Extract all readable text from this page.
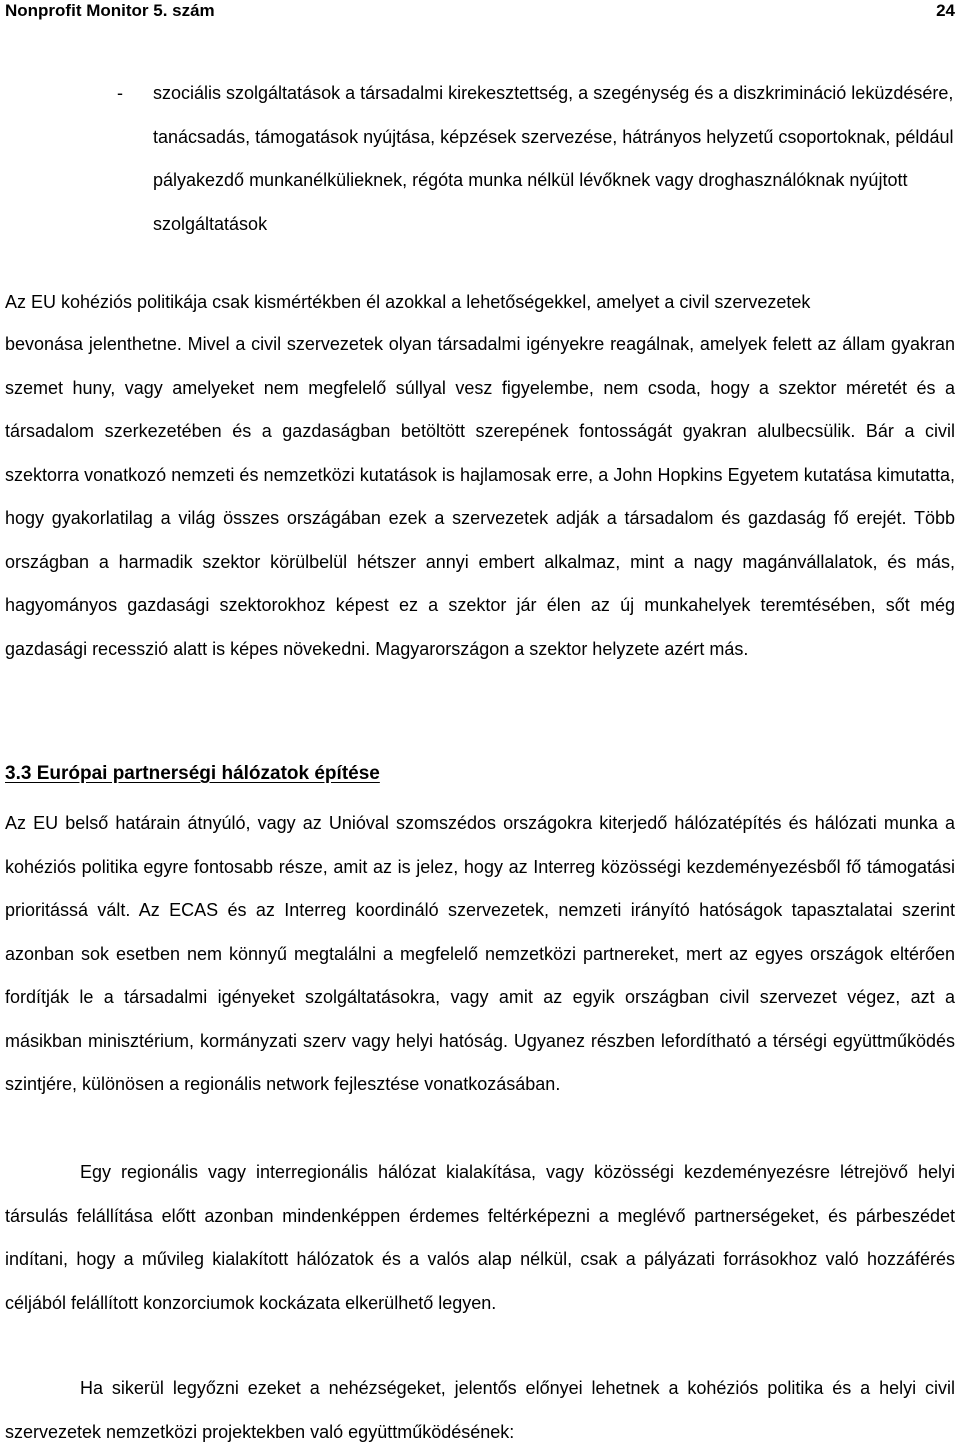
Nonprofit Monitor 5. szám	24
- szociális szolgáltatások a társadalmi kirekesztettség, a szegénység és a diszkrimináció leküzdésére, tanácsadás, támogatások nyújtása, képzések szervezése, hátrányos helyzetű csoportoknak, például pályakezdő munkanélkülieknek, régóta munka nélkül lévőknek vagy droghasználóknak nyújtott szolgáltatások

Az EU kohéziós politikája csak kismértékben él azokkal a lehetőségekkel, amelyet a civil szervezetek

bevonása jelenthetne. Mivel a civil szervezetek olyan társadalmi igényekre reagálnak, amelyek felett az állam gyakran szemet huny, vagy amelyeket nem megfelelő súllyal vesz figyelembe, nem csoda, hogy a szektor méretét és a társadalom szerkezetében és a gazdaságban betöltött szerepének fontosságát gyakran alulbecsülik. Bár a civil szektorra vonatkozó nemzeti és nemzetközi kutatások is hajlamosak erre, a John Hopkins Egyetem kutatása kimutatta, hogy gyakorlatilag a világ összes országában ezek a szervezetek adják a társadalom és gazdaság fő erejét. Több országban a harmadik szektor körülbelül hétszer annyi embert alkalmaz, mint a nagy magánvállalatok, és más, hagyományos gazdasági szektorokhoz képest ez a szektor jár élen az új munkahelyek teremtésében, sőt még gazdasági recesszió alatt is képes növekedni. Magyarországon a szektor helyzete azért más.

3.3 Európai partnerségi hálózatok építése

Az EU belső határain átnyúló, vagy az Unióval szomszédos országokra kiterjedő hálózatépítés és hálózati munka a kohéziós politika egyre fontosabb része, amit az is jelez, hogy az Interreg közösségi kezdeményezésből fő támogatási prioritássá vált. Az ECAS és az Interreg koordináló szervezetek, nemzeti irányító hatóságok tapasztalatai szerint azonban sok esetben nem könnyű megtalálni a megfelelő nemzetközi partnereket, mert az egyes országok eltérően fordítják le a társadalmi igényeket szolgáltatásokra, vagy amit az egyik országban civil szervezet végez, azt a másikban minisztérium, kormányzati szerv vagy helyi hatóság. Ugyanez részben lefordítható a térségi együttműködés szintjére, különösen a regionális network fejlesztése vonatkozásában.

Egy regionális vagy interregionális hálózat kialakítása, vagy közösségi kezdeményezésre létrejövő helyi társulás felállítása előtt azonban mindenképpen érdemes feltérképezni a meglévő partnerségeket, és párbeszédet indítani, hogy a művileg kialakított hálózatok és a valós alap nélkül, csak a pályázati forrásokhoz való hozzáférés céljából felállított konzorciumok kockázata elkerülhető legyen.

Ha sikerül legyőzni ezeket a nehézségeket, jelentős előnyei lehetnek a kohéziós politika és a helyi civil szervezetek nemzetközi projektekben való együttműködésének:
